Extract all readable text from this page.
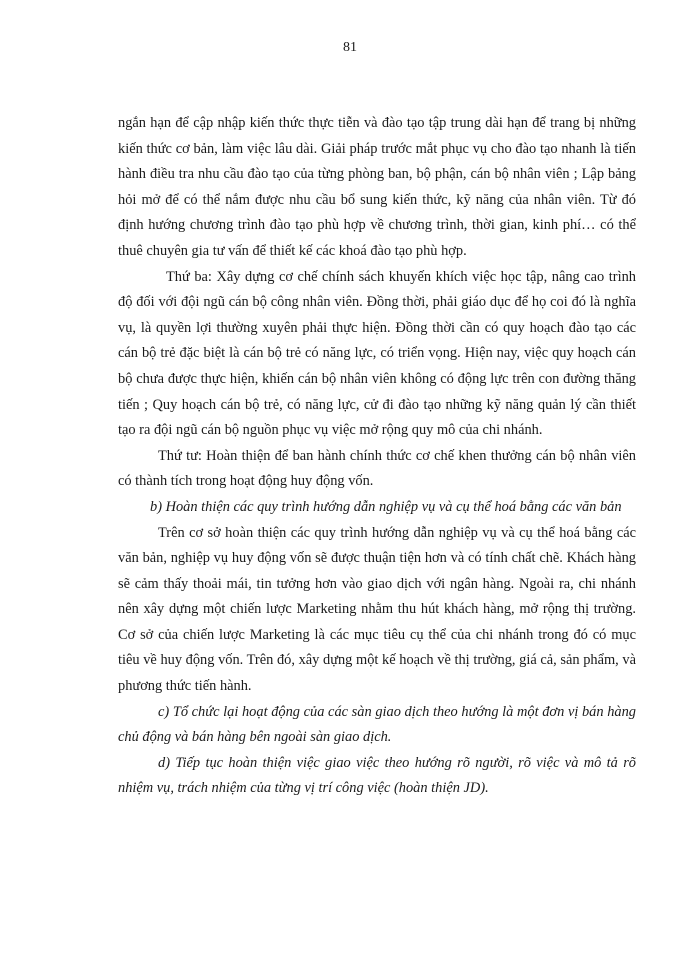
81

ngắn hạn để cập nhập kiến thức thực tiễn và đào tạo tập trung dài hạn để trang bị những kiến thức cơ bản, làm việc lâu dài. Giải pháp trước mắt phục vụ cho đào tạo nhanh là tiến hành điều tra nhu cầu đào tạo của từng phòng ban, bộ phận, cán bộ nhân viên ; Lập bảng hỏi mở để có thể nắm được nhu cầu bổ sung kiến thức, kỹ năng của nhân viên. Từ đó định hướng chương trình đào tạo phù hợp về chương trình, thời gian, kinh phí… có thể thuê chuyên gia tư vấn để thiết kế các khoá đào tạo phù hợp.

Thứ ba: Xây dựng cơ chế chính sách khuyến khích việc học tập, nâng cao trình độ đối với đội ngũ cán bộ công nhân viên. Đồng thời, phải giáo dục để họ coi đó là nghĩa vụ, là quyền lợi thường xuyên phải thực hiện. Đồng thời cần có quy hoạch đào tạo các cán bộ trẻ đặc biệt là cán bộ trẻ có năng lực, có triển vọng. Hiện nay, việc quy hoạch cán bộ chưa được thực hiện, khiến cán bộ nhân viên không có động lực trên con đường thăng tiến ; Quy hoạch cán bộ trẻ, có năng lực, cử đi đào tạo những kỹ năng quản lý cần thiết tạo ra đội ngũ cán bộ nguồn phục vụ việc mở rộng quy mô của chi nhánh.

Thứ tư: Hoàn thiện để ban hành chính thức cơ chế khen thưởng cán bộ nhân viên có thành tích trong hoạt động huy động vốn.

b) Hoàn thiện các quy trình hướng dẫn nghiệp vụ và cụ thể hoá bằng các văn bản

Trên cơ sở hoàn thiện các quy trình hướng dẫn nghiệp vụ và cụ thể hoá bằng các văn bản, nghiệp vụ huy động vốn sẽ được thuận tiện hơn và có tính chất chẽ. Khách hàng sẽ cảm thấy thoải mái, tin tưởng hơn vào giao dịch với ngân hàng. Ngoài ra, chi nhánh nên xây dựng một chiến lược Marketing nhằm thu hút khách hàng, mở rộng thị trường. Cơ sở của chiến lược Marketing là các mục tiêu cụ thể của chi nhánh trong đó có mục tiêu về huy động vốn. Trên đó, xây dựng một kế hoạch về thị trường, giá cả, sản phẩm, và phương thức tiến hành.

c) Tổ chức lại hoạt động của các sàn giao dịch theo hướng là một đơn vị bán hàng chủ động và bán hàng bên ngoài sàn giao dịch.

d) Tiếp tục hoàn thiện việc giao việc theo hướng rõ người, rõ việc và mô tả rõ nhiệm vụ, trách nhiệm của từng vị trí công việc (hoàn thiện JD).
